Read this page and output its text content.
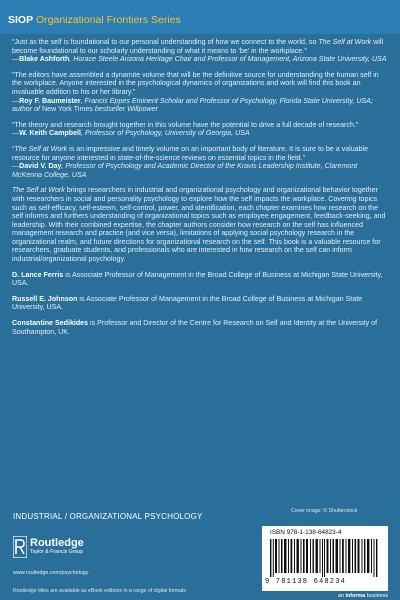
SIOP Organizational Frontiers Series

“Just as the self is foundational to our personal understanding of how we connect to the world, so The Self at Work will become foundational to our scholarly understanding of what it means to ‘be’ in the workplace.”
—Blake Ashforth, Horace Steele Arizona Heritage Chair and Professor of Management, Arizona State University, USA

“The editors have assembled a dynamite volume that will be the definitive source for understanding the human self in the workplace. Anyone interested in the psychological dynamics of organizations and work will find this book an invaluable addition to his or her library.”
—Roy F. Baumeister, Francis Eppes Eminent Scholar and Professor of Psychology, Florida State University, USA; author of New York Times bestseller Willpower

“The theory and research brought together in this volume have the potential to drive a full decade of research.”
—W. Keith Campbell, Professor of Psychology, University of Georgia, USA

“The Self at Work is an impressive and timely volume on an important body of literature. It is sure to be a valuable resource for anyone interested in state-of-the-science reviews on essential topics in the field.”
—David V. Day, Professor of Psychology and Academic Director of the Kravis Leadership Institute, Claremont McKenna College, USA

The Self at Work brings researchers in industrial and organizational psychology and organizational behavior together with researchers in social and personality psychology to explore how the self impacts the workplace. Covering topics such as self-efficacy, self-esteem, self-control, power, and identification, each chapter examines how research on the self informs and furthers understanding of organizational topics such as employee engagement, feedback-seeking, and leadership. With their combined expertise, the chapter authors consider how research on the self has influenced management research and practice (and vice versa), limitations of applying social psychology research in the organizational realm, and future directions for organizational research on the self. This book is a valuable resource for researchers, graduate students, and professionals who are interested in how research on the self can inform industrial/organizational psychology.

D. Lance Ferris is Associate Professor of Management in the Broad College of Business at Michigan State University, USA.

Russell E. Johnson is Associate Professor of Management in the Broad College of Business at Michigan State University, USA.

Constantine Sedikides is Professor and Director of the Centre for Research on Self and Identity at the University of Southampton, UK.

Cover image: © Shutterstock
INDUSTRIAL / ORGANIZATIONAL PSYCHOLOGY
Routledge
Taylor & Francis Group
www.routledge.com/psychology
Routledge titles are available as eBook editions in a range of digital formats
ISBN 978-1-138-64823-4
9 781138 648234
an informa business
